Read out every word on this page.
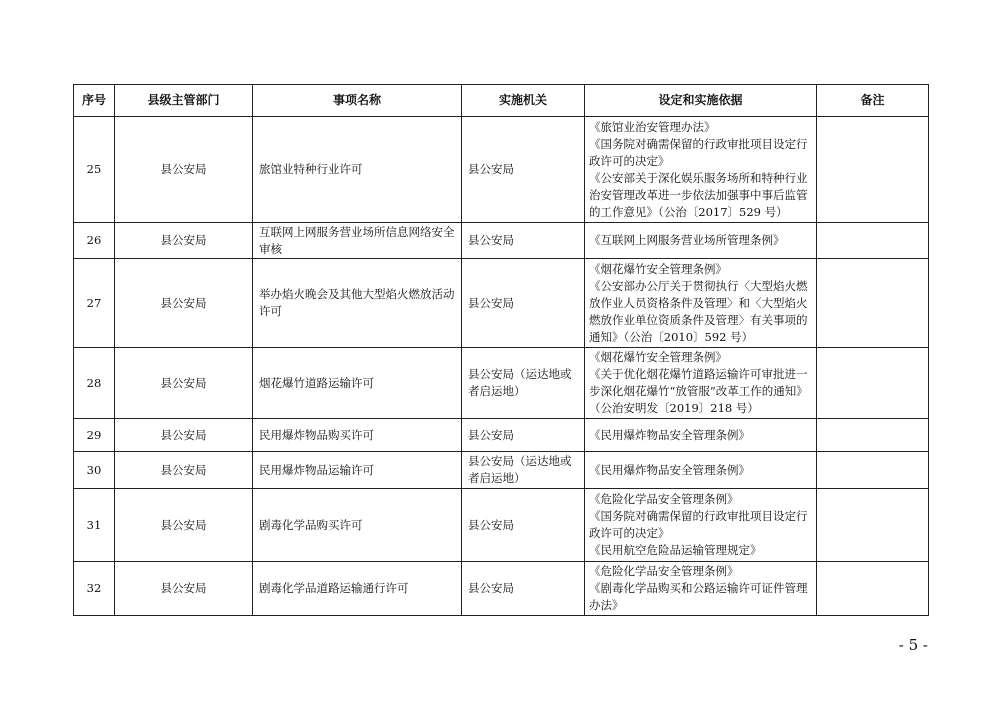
序号	县级主管部门	事项名称	实施机关	设定和实施依据	备注
25	县公安局	旅馆业特种行业许可	县公安局	《旅馆业治安管理办法》
《国务院对确需保留的行政审批项目设定行政许可的决定》
《公安部关于深化娱乐服务场所和特种行业治安管理改革进一步依法加强事中事后监管的工作意见》（公治〔2017〕529 号）	
26	县公安局	互联网上网服务营业场所信息网络安全审核	县公安局	《互联网上网服务营业场所管理条例》	
27	县公安局	举办焰火晚会及其他大型焰火燃放活动许可	县公安局	《烟花爆竹安全管理条例》
《公安部办公厅关于贯彻执行〈大型焰火燃放作业人员资格条件及管理〉和〈大型焰火燃放作业单位资质条件及管理〉有关事项的通知》（公治〔2010〕592 号）	
28	县公安局	烟花爆竹道路运输许可	县公安局（运达地或者启运地）	《烟花爆竹安全管理条例》
《关于优化烟花爆竹道路运输许可审批进一步深化烟花爆竹“放管服”改革工作的通知》（公治安明发〔2019〕218 号）	
29	县公安局	民用爆炸物品购买许可	县公安局	《民用爆炸物品安全管理条例》	
30	县公安局	民用爆炸物品运输许可	县公安局（运达地或者启运地）	《民用爆炸物品安全管理条例》	
31	县公安局	剧毒化学品购买许可	县公安局	《危险化学品安全管理条例》
《国务院对确需保留的行政审批项目设定行政许可的决定》
《民用航空危险品运输管理规定》	
32	县公安局	剧毒化学品道路运输通行许可	县公安局	《危险化学品安全管理条例》
《剧毒化学品购买和公路运输许可证件管理办法》	
- 5 -
